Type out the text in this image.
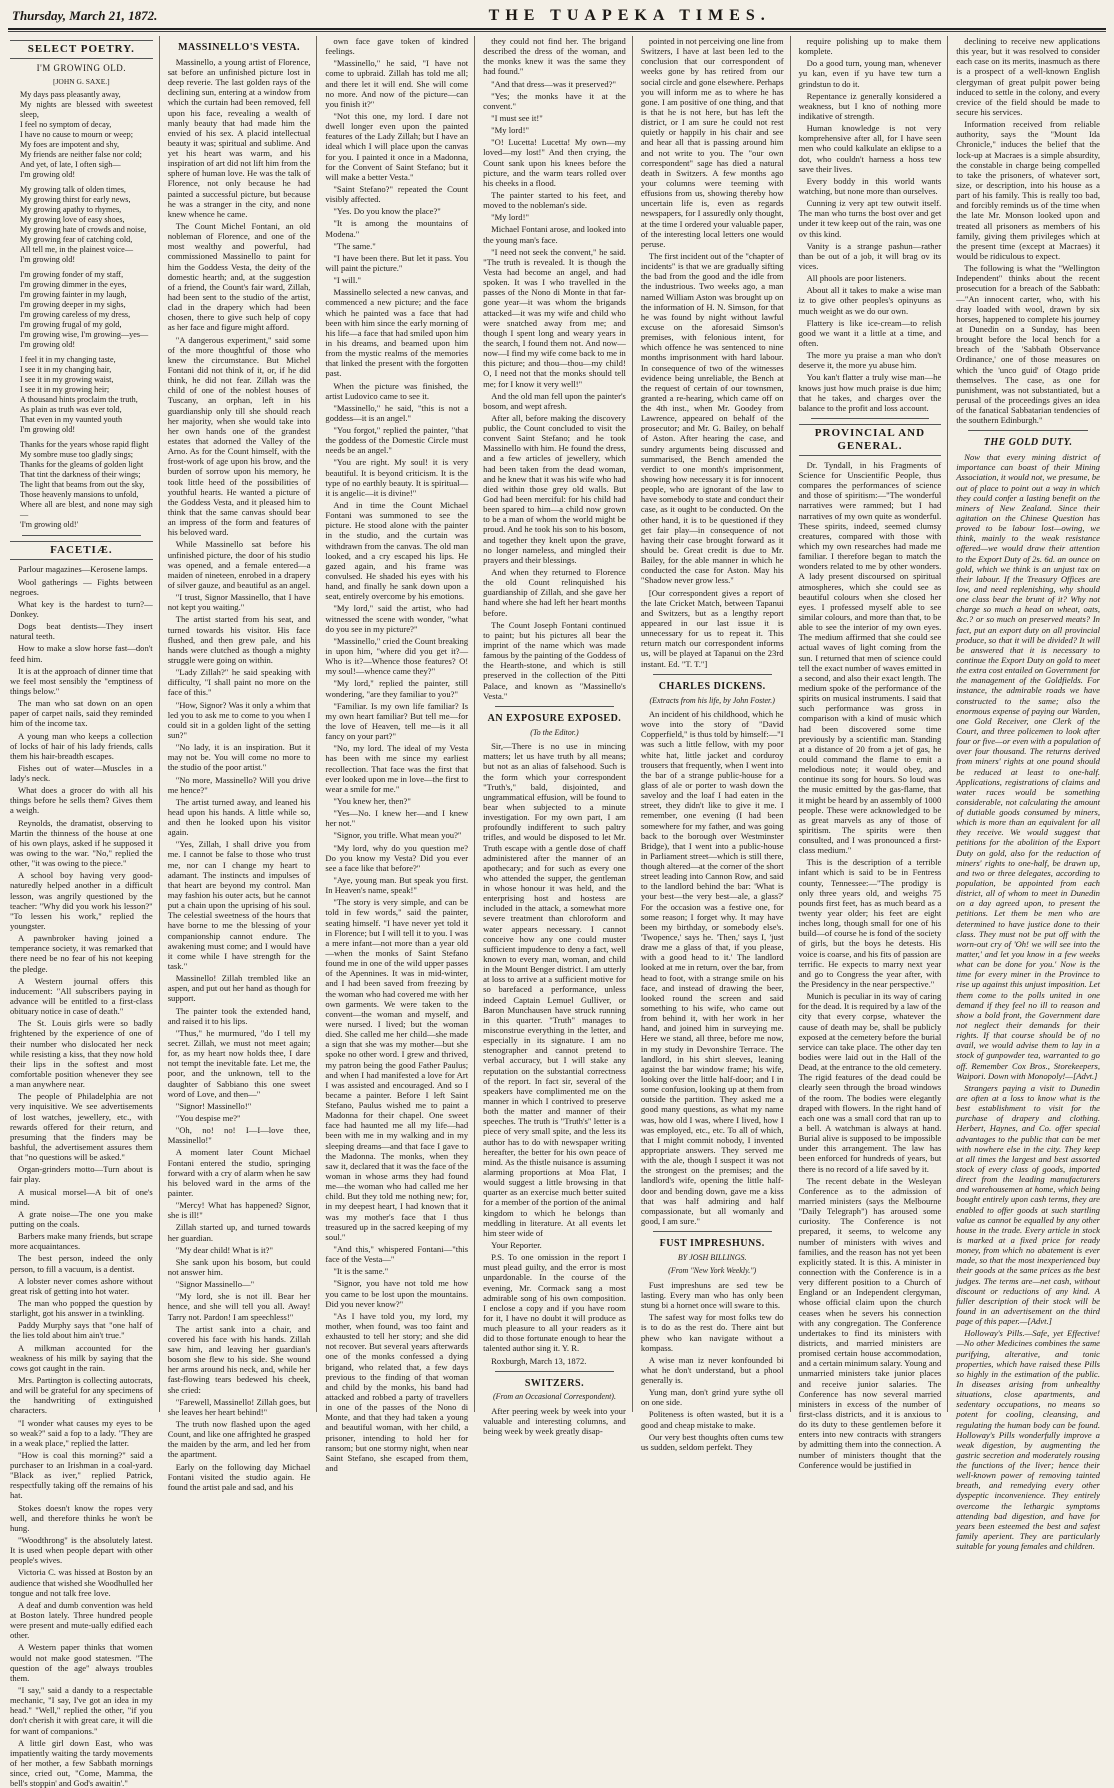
Thursday, March 21, 1872.	THE TUAPEKA TIMES.
SELECT POETRY.
I'M GROWING OLD.
[JOHN G. SAXE.]
My days pass pleasantly away,
My nights are blessed with sweetest sleep,
I feel no symptom of decay,
I have no cause to mourn or weep;
My foes are impotent and shy,
My friends are neither false nor cold;
And yet, of late, I often sigh—
I'm growing old!
My growing talk of olden times,
My growing thirst for early news,
My growing apathy to rhymes,
My growing love of easy shoes,
My growing hate of crowds and noise,
My growing fear of catching cold,
All tell me, in the plainest voice—
I'm growing old!
I'm growing fonder of my staff,
I'm growing dimmer in the eyes,
I'm growing fainter in my laugh,
I'm growing deeper in my sighs,
I'm growing careless of my dress,
I'm growing frugal of my gold,
I'm growing wise, I'm growing—yes—
I'm growing old!
I feel it in my changing taste,
I see it in my changing hair,
I see it in my growing waist,
I see it in my growing heir;
A thousand hints proclaim the truth,
As plain as truth was ever told,
That even in my vaunted youth
I'm growing old!
Thanks for the years whose rapid flight
My sombre muse too gladly sings;
Thanks for the gleams of golden light
That tint the darkness of their wings;
The light that beams from out the sky,
Those heavenly mansions to unfold,
Where all are blest, and none may sigh—
'I'm growing old!'
FACETIÆ.

Parlour magazines—Kerosene lamps.

Wool gatherings — Fights between negroes.

What key is the hardest to turn?—Donkey.

Dogs beat dentists—They insert natural teeth.

How to make a slow horse fast—don't feed him.

It is at the approach of dinner time that we feel most sensibly the "emptiness of things below."

The man who sat down on an open paper of carpet nails, said they reminded him of the income tax.

A young man who keeps a collection of locks of hair of his lady friends, calls them his hair-breadth escapes.

Fishes out of water—Muscles in a lady's neck.

What does a grocer do with all his things before he sells them? Gives them a weigh.

Reynolds, the dramatist, observing to Martin the thinness of the house at one of his own plays, asked if he supposed it was owing to the war. "No," replied the other, "it was owing to the piece."

A school boy having very good-naturedly helped another in a difficult lesson, was angrily questioned by the teacher: "Why did you work his lesson?" "To lessen his work," replied the youngster.

A pawnbroker having joined a temperance society, it was remarked that there need be no fear of his not keeping the pledge.

A Western journal offers this inducement: "All subscribers paying in advance will be entitled to a first-class obituary notice in case of death."

The St. Louis girls were so badly frightened by the experience of one of their number who dislocated her neck while resisting a kiss, that they now hold their lips in the softest and most comfortable position whenever they see a man anywhere near.

The people of Philadelphia are not very inquisitive. We see advertisements of lost watches, jewellery, etc., with rewards offered for their return, and presuming that the finders may be bashful, the advertisement assures them that "no questions will be asked."

Organ-grinders motto—Turn about is fair play.

A musical morsel—A bit of one's mind.

A grate noise—The one you make putting on the coals.

Barbers make many friends, but scrape more acquaintances.

The best person, indeed the only person, to fill a vacuum, is a dentist.

A lobster never comes ashore without great risk of getting into hot water.

The man who popped the question by starlight, got his answer in a twinkling.

Paddy Murphy says that "one half of the lies told about him ain't true."

A milkman accounted for the weakness of his milk by saying that the cows got caught in the rain.

Mrs. Partington is collecting autocrats, and will be grateful for any specimens of the handwriting of extinguished characters.

"I wonder what causes my eyes to be so weak?" said a fop to a lady. "They are in a weak place," replied the latter.

"How is coal this morning?" said a purchaser to an Irishman in a coal-yard. "Black as iver," replied Patrick, respectfully taking off the remains of his hat.

Stokes doesn't know the ropes very well, and therefore thinks he won't be hung.

"Woodthrong" is the absolutely latest. It is used when people depart with other people's wives.

Victoria C. was hissed at Boston by an audience that wished she Woodhulled her tongue and not talk free love.

A deaf and dumb convention was held at Boston lately. Three hundred people were present and mute-ually edified each other.

A Western paper thinks that women would not make good statesmen. "The question of the age" always troubles them.

"I say," said a dandy to a respectable mechanic, "I say, I've got an idea in my head." "Well," replied the other, "if you don't cherish it with great care, it will die for want of companions."

A little girl down East, who was impatiently waiting the tardy movements of her mother, a few Sabbath mornings since, cried out, "Come, Mamma, the bell's stoppin' and God's awaitin'."

MASSINELLO'S VESTA.

Massinello, a young artist of Florence, sat before an unfinished picture lost in deep reverie. The last golden rays of the declining sun, entering at a window from which the curtain had been removed, fell upon his face, revealing a wealth of manly beauty that had made him the envied of his sex. A placid intellectual beauty it was; spiritual and sublime. And yet his heart was warm, and his inspiration of art did not lift him from the sphere of human love. He was the talk of Florence, not only because he had painted a successful picture, but because he was a stranger in the city, and none knew whence he came.

The Count Michel Fontani, an old nobleman of Florence, and one of the most wealthy and powerful, had commissioned Massinello to paint for him the Goddess Vesta, the deity of the domestic hearth; and, at the suggestion of a friend, the Count's fair ward, Zillah, had been sent to the studio of the artist, clad in the drapery which had been chosen, there to give such help of copy as her face and figure might afford.

"A dangerous experiment," said some of the more thoughtful of those who knew the circumstance. But Michel Fontani did not think of it, or, if he did think, he did not fear. Zillah was the child of one of the noblest houses of Tuscany, an orphan, left in his guardianship only till she should reach her majority, when she would take into her own hands one of the grandest estates that adorned the Valley of the Arno. As for the Count himself, with the frost-work of age upon his brow, and the burden of sorrow upon his memory, he took little heed of the possibilities of youthful hearts. He wanted a picture of the Goddess Vesta, and it pleased him to think that the same canvas should bear an impress of the form and features of his beloved ward.

While Massinello sat before his unfinished picture, the door of his studio was opened, and a female entered—a maiden of nineteen, enrobed in a drapery of silver gauze, and beautiful as an angel.

"I trust, Signor Massinello, that I have not kept you waiting."

The artist started from his seat, and turned towards his visitor. His face flushed, and then grew pale, and his hands were clutched as though a mighty struggle were going on within.

"Lady Zillah?" he said speaking with difficulty, "I shall paint no more on the face of this."

"How, Signor? Was it only a whim that led you to ask me to come to you when I could sit in a golden light of the setting sun?"

"No lady, it is an inspiration. But it may not be. You will come no more to the studio of the poor artist."

"No more, Massinello? Will you drive me hence?"

The artist turned away, and leaned his head upon his hands. A little while so, and then he looked upon his visitor again.

"Yes, Zillah, I shall drive you from me. I cannot be false to those who trust me, nor can I change my heart to adamant. The instincts and impulses of that heart are beyond my control. Man may fashion his outer acts, but he cannot put a chain upon the uprising of his soul. The celestial sweetness of the hours that have borne to me the blessing of your companionship cannot endure. The awakening must come; and I would have it come while I have strength for the task."

Massinello! Zillah trembled like an aspen, and put out her hand as though for support.

The painter took the extended hand, and raised it to his lips.

"Thus," he murmured, "do I tell my secret. Zillah, we must not meet again; for, as my heart now holds thee, I dare not tempt the inevitable fate. Let me, the poor, and the unknown, tell to the daughter of Sabbiano this one sweet word of Love, and then—"

"Signor! Massinello!"

"You despise me?"

"Oh, no! no! I—I—love thee, Massinello!"

A moment later Count Michael Fontani entered the studio, springing forward with a cry of alarm when he saw his beloved ward in the arms of the painter.

"Mercy! What has happened? Signor, she is ill!"

Zillah started up, and turned towards her guardian.

"My dear child! What is it?"

She sank upon his bosom, but could not answer him.

"Signor Massinello—"

"My lord, she is not ill. Bear her hence, and she will tell you all. Away! Tarry not. Pardon! I am speechless!"

The artist sank into a chair, and covered his face with his hands. Zillah saw him, and leaving her guardian's bosom she flew to his side. She wound her arms around his neck, and, while her fast-flowing tears bedewed his cheek, she cried:

"Farewell, Massinello! Zillah goes, but she leaves her heart behind!"

The truth now flashed upon the aged Count, and like one affrighted he grasped the maiden by the arm, and led her from the apartment.

Early on the following day Michael Fontani visited the studio again. He found the artist pale and sad, and his

own face gave token of kindred feelings.

"Massinello," he said, "I have not come to upbraid. Zillah has told me all; and there let it will end. She will come no more. And now of the picture—can you finish it?"

"Not this one, my lord. I dare not dwell longer even upon the painted features of the Lady Zillah; but I have an ideal which I will place upon the canvas for you. I painted it once in a Madonna, for the Convent of Saint Stefano; but it will make a better Vesta."

"Saint Stefano?" repeated the Count visibly affected.

"Yes. Do you know the place?"

"It is among the mountains of Modena."

"The same."

"I have been there. But let it pass. You will paint the picture."

"I will."

Massinello selected a new canvas, and commenced a new picture; and the face which he painted was a face that had been with him since the early morning of his life—a face that had smiled upon him in his dreams, and beamed upon him from the mystic realms of the memories that linked the present with the forgotten past.

When the picture was finished, the artist Ludovico came to see it.

"Massinello," he said, "this is not a goddess—it is an angel."

"You forgot," replied the painter, "that the goddess of the Domestic Circle must needs be an angel."

"You are right. My soul! it is very beautiful. It is beyond criticism. It is the type of no earthly beauty. It is spiritual—it is angelic—it is divine!"

And in time the Count Michael Fontani was summoned to see the picture. He stood alone with the painter in the studio, and the curtain was withdrawn from the canvas. The old man looked, and a cry escaped his lips. He gazed again, and his frame was convulsed. He shaded his eyes with his hand, and finally he sank down upon a seat, entirely overcome by his emotions.

"My lord," said the artist, who had witnessed the scene with wonder, "what do you see in my picture?"

"Massinello," cried the Count breaking in upon him, "where did you get it?—Who is it?—Whence those features? O! my soul!—whence came they?"

"My lord," replied the painter, still wondering, "are they familiar to you?"

"Familiar. Is my own life familiar? Is my own heart familiar? But tell me—for the love of Heaven, tell me—is it all fancy on your part?"

"No, my lord. The ideal of my Vesta has been with me since my earliest recollection. That face was the first that ever looked upon me in love—the first to wear a smile for me."

"You knew her, then?"

"Yes—No. I knew her—and I knew her not."

"Signor, you trifle. What mean you?"

"My lord, why do you question me? Do you know my Vesta? Did you ever see a face like that before?"

"Aye, young man. But speak you first. In Heaven's name, speak!"

"The story is very simple, and can be told in few words," said the painter, seating himself. "I have never yet told it in Florence; but I will tell it to you. I was a mere infant—not more than a year old—when the monks of Saint Stefano found me in one of the wild upper passes of the Apennines. It was in mid-winter, and I had been saved from freezing by the woman who had covered me with her own garments. We were taken to the convent—the woman and myself, and were nursed. I lived; but the woman died. She called me her child—she made a sign that she was my mother—but she spoke no other word. I grew and thrived, my patron being the good Father Paulus; and when I had manifested a love for Art I was assisted and encouraged. And so I became a painter. Before I left Saint Stefano, Paulus wished me to paint a Madonna for their chapel. One sweet face had haunted me all my life—had been with me in my walking and in my sleeping dreams—and that face I gave to the Madonna. The monks, when they saw it, declared that it was the face of the woman in whose arms they had found me—the woman who had called me her child. But they told me nothing new; for, in my deepest heart, I had known that it was my mother's face that I thus treasured up in the sacred keeping of my soul."

"And this," whispered Fontani—"this face of the Vesta—"

"It is the same."

"Signor, you have not told me how you came to be lost upon the mountains. Did you never know?"

"As I have told you, my lord, my mother, when found, was too faint and exhausted to tell her story; and she did not recover. But several years afterwards one of the monks confessed a dying brigand, who related that, a few days previous to the finding of that woman and child by the monks, his band had attacked and robbed a party of travellers in one of the passes of the Nono di Monte, and that they had taken a young and beautiful woman, with her child, a prisoner, intending to hold her for ransom; but one stormy night, when near Saint Stefano, she escaped from them, and

they could not find her. The brigand described the dress of the woman, and the monks knew it was the same they had found."

"And that dress—was it preserved?"

"Yes; the monks have it at the convent."

"I must see it!"

"My lord!"

"O! Lucetta! Lucetta! My own—my loved—my lost!" And then crying, the Count sank upon his knees before the picture, and the warm tears rolled over his cheeks in a flood.

The painter started to his feet, and moved to the nobleman's side.

"My lord!"

Michael Fontani arose, and looked into the young man's face.

"I need not seek the convent," he said. "The truth is revealed. It is though the Vesta had become an angel, and had spoken. It was I who travelled in the passes of the Nono di Monte in that far-gone year—it was whom the brigands attacked—it was my wife and child who were snatched away from me; and though I spent long and weary years in the search, I found them not. And now—now—I find my wife come back to me in this picture; and thou—thou—my child! O, I need not that the monks should tell me; for I know it very well!"

And the old man fell upon the painter's bosom, and wept afresh.

After all, before making the discovery public, the Count concluded to visit the convent Saint Stefano; and he took Massinello with him. He found the dress, and a few articles of jewellery, which had been taken from the dead woman, and he knew that it was his wife who had died within those grey old walls. But God had been merciful: for his child had been spared to him—a child now grown to be a man of whom the world might be proud. And he took his son to his bosom, and together they knelt upon the grave, no longer nameless, and mingled their prayers and their blessings.

And when they returned to Florence the old Count relinquished his guardianship of Zillah, and she gave her hand where she had left her heart months before.

The Count Joseph Fontani continued to paint; but his pictures all bear the imprint of the name which was made famous by the painting of the Goddess of the Hearth-stone, and which is still preserved in the collection of the Pitti Palace, and known as "Massinello's Vesta."

AN EXPOSURE EXPOSED.
(To the Editor.)

Sir,—There is no use in mincing matters; let us have truth by all means; but not as an alias of falsehood. Such is the form which your correspondent "Truth's," bald, disjointed, and ungrammatical effusion, will be found to bear when subjected to a minute investigation. For my own part, I am profoundly indifferent to such paltry trifles, and would be disposed to let Mr. Truth escape with a gentle dose of chaff administered after the manner of an apothecary; and for such as every one who attended the supper, the gentleman in whose honour it was held, and the enterprising host and hostess are included in the attack, a somewhat more severe treatment than chloroform and water appears necessary. I cannot conceive how any one could muster sufficient impudence to deny a fact, well known to every man, woman, and child in the Mount Benger district. I am utterly at loss to arrive at a sufficient motive for so barefaced a performance, unless indeed Captain Lemuel Gulliver, or Baron Munchausen have struck running in this quarter. "Truth" manages to misconstrue everything in the letter, and especially in its signature. I am no stenographer and cannot pretend to verbal accuracy, but I will stake any reputation on the substantial correctness of the report. In fact sir, several of the speakers have complimented me on the manner in which I contrived to preserve both the matter and manner of their speeches. The truth is "Truth's" letter is a piece of very small spite, and the less its author has to do with newspaper writing hereafter, the better for his own peace of mind. As the thistle nuisance is assuming alarming proportions at Moa Flat, I would suggest a little browsing in that quarter as an exercise much better suited for a member of the portion of the animal kingdom to which he belongs than meddling in literature. At all events let him steer wide of

Your Reporter.

P.S. To one omission in the report I must plead guilty, and the error is most unpardonable. In the course of the evening, Mr. Cormack sang a most admirable song of his own composition. I enclose a copy and if you have room for it, I have no doubt it will produce as much pleasure to all your readers as it did to those fortunate enough to hear the talented author sing it. Y. R.

Roxburgh, March 13, 1872.

SWITZERS.
(From an Occasional Correspondent).

After peering week by week into your valuable and interesting columns, and being week by week greatly disap-

pointed in not perceiving one line from Switzers, I have at last been led to the conclusion that our correspondent of weeks gone by has retired from our social circle and gone elsewhere. Perhaps you will inform me as to where he has gone. I am positive of one thing, and that is that he is not here, but has left the district, or I am sure he could not rest quietly or happily in his chair and see and hear all that is passing around him and not write to you. The "our own correspondent" sage has died a natural death in Switzers. A few months ago your columns were teeming with effusions from us, showing thereby how uncertain life is, even as regards newspapers, for I assuredly only thought, at the time I ordered your valuable paper, of the interesting local letters one would peruse.

The first incident out of the "chapter of incidents" is that we are gradually sifting the bad from the good and the idle from the industrious. Two weeks ago, a man named William Aston was brought up on the information of H. N. Simson, for that he was found by night without lawful excuse on the aforesaid Simson's premises, with felonious intent, for which offence he was sentenced to nine months imprisonment with hard labour. In consequence of two of the witnesses evidence being unreliable, the Bench at the request of certain of our townsmen, granted a re-hearing, which came off on the 4th inst., when Mr. Goodey from Lawrence, appeared on behalf of the prosecutor; and Mr. G. Bailey, on behalf of Aston. After hearing the case, and sundry arguments being discussed and summarised, the Bench amended the verdict to one month's imprisonment, showing how necessary it is for innocent people, who are ignorant of the law to have somebody to state and conduct their case, as it ought to be conducted. On the other hand, it is to be questioned if they get fair play—in consequence of not having their case brought forward as it should be. Great credit is due to Mr. Bailey, for the able manner in which he conducted the case for Aston. May his "Shadow never grow less."

[Our correspondent gives a report of the late Cricket Match, between Tapanui and Switzers, but as a lengthy report appeared in our last issue it is unnecessary for us to repeat it. This return match our correspondent informs us, will be played at Tapanui on the 23rd instant. Ed. "T. T."]

CHARLES DICKENS.
(Extracts from his life, by John Foster.)

An incident of his childhood, which he wove into the story of "David Copperfield," is thus told by himself:—"I was such a little fellow, with my poor white hat, little jacket and corduroy trousers that frequently, when I went into the bar of a strange public-house for a glass of ale or porter to wash down the saveloy and the loaf I had eaten in the street, they didn't like to give it me. I remember, one evening (I had been somewhere for my father, and was going back to the borough over Westminster Bridge), that I went into a public-house in Parliament street—which is still there, though altered—at the corner of the short street leading into Cannon Row, and said to the landlord behind the bar: 'What is your best—the very best—ale, a glass?' For the occasion was a festive one, for some reason; I forget why. It may have been my birthday, or somebody else's. 'Twopence,' says he. 'Then,' says I, 'just draw me a glass of that, if you please, with a good head to it.' The landlord looked at me in return, over the bar, from head to foot, with a strange smile on his face, and instead of drawing the beer, looked round the screen and said something to his wife, who came out from behind it, with her work in her hand, and joined him in surveying me. Here we stand, all three, before me now, in my study in Devonshire Terrace. The landlord, in his shirt sleeves, leaning against the bar window frame; his wife, looking over the little half-door; and I in some confusion, looking up at them from outside the partition. They asked me a good many questions, as what my name was, how old I was, where I lived, how I was employed, etc., etc. To all of which, that I might commit nobody, I invented appropriate answers. They served me with the ale, though I suspect it was not the strongest on the premises; and the landlord's wife, opening the little half-door and bending down, gave me a kiss that was half admiring and half compassionate, but all womanly and good, I am sure."

FUST IMPRESHUNS.
BY JOSH BILLINGS.
(From "New York Weekly.")

Fust impreshuns are sed tew be lasting. Every man who has only been stung bi a hornet once will sware to this.

The safest way for most folks tew do is to do as the rest do. There aint but phew who kan navigate without a kompass.

A wise man iz never konfounded bi what he don't understand, but a phool generally is.

Yung man, don't grind yure sythe oll on one side.

Politeness is often wasted, but it is a good and cheap mistake to make.

Our very best thoughts often cums tew us sudden, seldom perfekt. They

require polishing up to make them komplete.

Do a good turn, young man, whenever yu kan, even if yu have tew turn a grindstun to do it.

Repentance iz generally konsidered a weakness, but I kno of nothing more indikative of strength.

Human knowledge is not very komprehensive after all, for I have seen men who could kalkulate an eklipse to a dot, who couldn't harness a hoss tew save their lives.

Every boddy in this world wants watching, but none more than ourselves.

Cunning iz very apt tew outwit itself. The man who turns the bost over and get under it tew keep out of the rain, was one ov this kind.

Vanity is a strange pashun—rather than be out of a job, it will brag ov its vices.

All phools are poor listeners.

About all it takes to make a wise man iz to give other peoples's opinyuns as much weight as we do our own.

Flattery is like ice-cream—to relish good we want it a little at a time, and often.

The more yu praise a man who don't deserve it, the more yu abuse him.

You kan't flatter a truly wise man—he knows just how much praise is due him; that he takes, and charges over the balance to the profit and loss account.

PROVINCIAL AND GENERAL.

Dr. Tyndall, in his Fragments of Science for Unscientific People, thus compares the performances of science and those of spiritism:—"The wonderful narratives were rammed; but I had narratives of my own quite as wonderful. These spirits, indeed, seemed clumsy creatures, compared with those with which my own researches had made me familiar. I therefore began to match the wonders related to me by other wonders. A lady present discoursed on spiritual atmospheres, which she could see as beautiful colours when she closed her eyes. I professed myself able to see similar colours, and more than that, to be able to see the interior of my own eyes. The medium affirmed that she could see actual waves of light coming from the sun. I returned that men of science could tell the exact number of waves emitted in a second, and also their exact length. The medium spoke of the performance of the spirits on musical instruments. I said that such performance was gross in comparison with a kind of music which had been discovered some time previously by a scientific man. Standing at a distance of 20 from a jet of gas, he could command the flame to emit a melodious note; it would obey, and continue its song for hours. So loud was the music emitted by the gas-flame, that it might be heard by an assembly of 1000 people. These were acknowledged to be as great marvels as any of those of spiritism. The spirits were then consulted, and I was pronounced a first-class medium."

This is the description of a terrible infant which is said to be in Fentress county, Tennessee:—"The prodigy is only three years old, and weighs 75 pounds first feet, has as much beard as a twenty year older; his feet are eight inches long, though small for one of his build—of course he is fond of the society of girls, but the boys he detests. His voice is coarse, and his fits of passion are terrific. He expects to marry next year and go to Congress the year after, with the Presidency in the near perspective."

Munich is peculiar in its way of caring for the dead. It is required by a law of the city that every corpse, whatever the cause of death may be, shall be publicly exposed at the cemetery before the burial service can take place. The other day ten bodies were laid out in the Hall of the Dead, at the entrance to the old cemetery. The rigid features of the dead could be clearly seen through the broad windows of the room. The bodies were elegantly draped with flowers. In the right hand of each one was a small cord that ran up to a bell. A watchman is always at hand. Burial alive is supposed to be impossible under this arrangement. The law has been enforced for hundreds of years, but there is no record of a life saved by it.

The recent debate in the Wesleyan Conference as to the admission of married ministers (says the Melbourne "Daily Telegraph") has aroused some curiosity. The Conference is not prepared, it seems, to welcome any number of ministers with wives and families, and the reason has not yet been explicitly stated. It is this. A minister in connection with the Conference is in a very different position to a Church of England or an Independent clergyman, whose official claim upon the church ceases when he severs his connection with any congregation. The Conference undertakes to find its ministers with districts, and married ministers are promised certain house accommodation, and a certain minimum salary. Young and unmarried ministers take junior places and receive junior salaries. The Conference has now several married ministers in excess of the number of first-class districts, and it is anxious to do its duty to these gentlemen before it enters into new contracts with strangers by admitting them into the connection. A number of ministers thought that the Conference would be justified in

declining to receive new applications this year, but it was resolved to consider each case on its merits, inasmuch as there is a prospect of a well-known English clergyman of great pulpit power being induced to settle in the colony, and every crevice of the field should be made to secure his services.

Information received from reliable authority, says the "Mount Ida Chronicle," induces the belief that the lock-up at Macraes is a simple absurdity, the constable in charge being compelled to take the prisoners, of whatever sort, size, or description, into his house as a part of his family. This is really too bad, and forcibly reminds us of the time when the late Mr. Monson looked upon and treated all prisoners as members of his family, giving them privileges which at the present time (except at Macraes) it would be ridiculous to expect.

The following is what the "Wellington Independent" thinks about the recent prosecution for a breach of the Sabbath:—"An innocent carter, who, with his dray loaded with wool, drawn by six horses, happened to complete his journey at Dunedin on a Sunday, has been brought before the local bench for a breach of the 'Sabbath Observance Ordinance,' one of those measures on which the 'unco guid' of Otago pride themselves. The case, as one for punishment, was not substantiated, but a perusal of the proceedings gives an idea of the fanatical Sabbatarian tendencies of the southern Edinburgh."

THE GOLD DUTY.

Now that every mining district of importance can boast of their Mining Association, it would not, we presume, be out of place to point out a way in which they could confer a lasting benefit on the miners of New Zealand. Since their agitation on the Chinese Question has proved to be labour lost—owing, we think, mainly to the weak resistance offered—we would draw their attention to the Export Duty of 2s. 6d. an ounce on gold, which we think is an unjust tax on their labour. If the Treasury Offices are low, and need replenishing, why should one class bear the brunt of it? Why not charge so much a head on wheat, oats, &c.? or so much on preserved meats? In fact, put an export duty on all provincial produce, so that it will be divided? It will be answered that it is necessary to continue the Export Duty on gold to meet the extra cost entailed on Government for the management of the Goldfields. For instance, the admirable roads we have constructed to the same; also the enormous expense of paying our Warden, one Gold Receiver, one Clerk of the Court, and three policemen to look after four or five—or even with a population of over four thousand. The returns derived from miners' rights at one pound should be reduced at least to one-half. Applications, registrations of claims and water races would be something considerable, not calculating the amount of dutiable goods consumed by miners, which is more than an equivalent for all they receive. We would suggest that petitions for the abolition of the Export Duty on gold, also for the reduction of miners' rights to one-half, be drawn up, and two or three delegates, according to population, be appointed from each district, all of whom to meet in Dunedin on a day agreed upon, to present the petitions. Let them be men who are determined to have justice done to their class. They must not be put off with the worn-out cry of 'Oh! we will see into the matter,' and let you know in a few weeks what can be done for you.' Now is the time for every miner in the Province to rise up against this unjust imposition. Let them come to the polls united in one demand if they feel no ill to reason and show a bold front, the Government dare not neglect their demands for their rights. If that course should be of no avail, we would advise them to lay in a stock of gunpowder tea, warranted to go off. Remember Cox Bros., Storekeepers, Waipori. Down with Monopoly!—[Advt.]

Strangers paying a visit to Dunedin are often at a loss to know what is the best establishment to visit for the purchase of drapery and clothing. Herbert, Haynes, and Co. offer special advantages to the public that can be met with nowhere else in the city. They keep at all times the largest and best assorted stock of every class of goods, imported direct from the leading manufacturers and warehousemen at home, which being bought entirely upon cash terms, they are enabled to offer goods at such startling value as cannot be equalled by any other house in the trade. Every article in stock is marked at a fixed price for ready money, from which no abatement is ever made, so that the most inexperienced buy their goods at the same prices as the best judges. The terms are—net cash, without discount or reductions of any kind. A fuller description of their stock will be found in an advertisement on the third page of this paper.—[Advt.]

Holloway's Pills.—Safe, yet Effective!—No other Medicines combines the same purifying, alterative, and tonic properties, which have raised these Pills so highly in the estimation of the public. In diseases arising from unhealthy situations, close apartments, and sedentary occupations, no means so potent for cooling, cleansing, and regulating the human body can be found. Holloway's Pills wonderfully improve a weak digestion, by augmenting the gastric secretion and moderately rousing the functions of the liver; hence their well-known power of removing tainted breath, and remedying every other dyspeptic inconvenience. They entirely overcome the lethargic symptoms attending bad digestion, and have for years been esteemed the best and safest family aperient. They are particularly suitable for young females and children.
